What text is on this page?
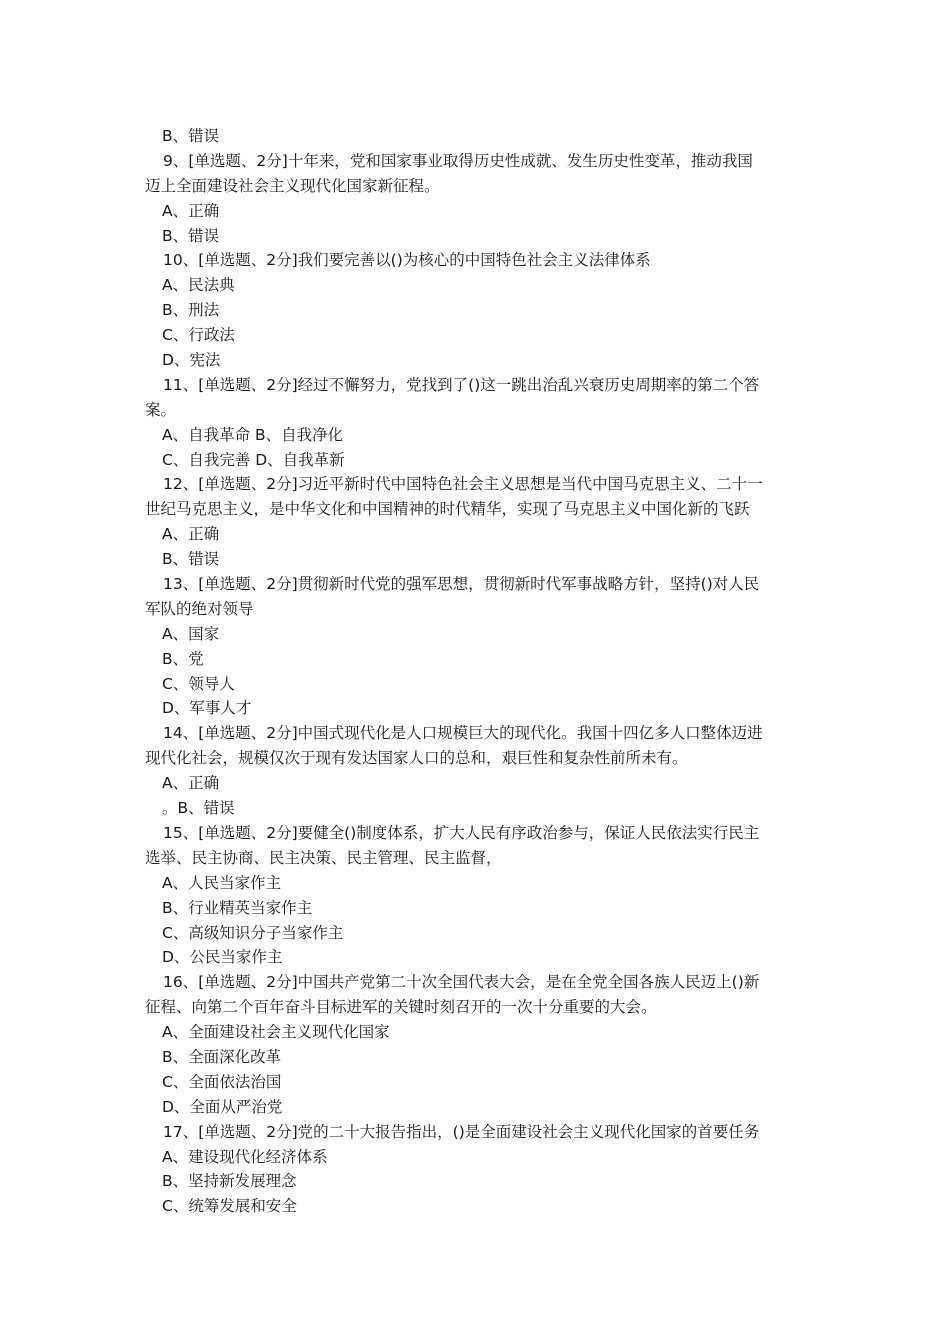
B、错误
9、[单选题、2分]十年来，党和国家事业取得历史性成就、发生历史性变革，推动我国
迈上全面建设社会主义现代化国家新征程。
A、正确
B、错误
10、[单选题、2分]我们要完善以()为核心的中国特色社会主义法律体系
A、民法典
B、刑法
C、行政法
D、宪法
11、[单选题、2分]经过不懈努力，党找到了()这一跳出治乱兴衰历史周期率的第二个答
案。
A、自我革命 B、自我净化
C、自我完善 D、自我革新
12、[单选题、2分]习近平新时代中国特色社会主义思想是当代中国马克思主义、二十一
世纪马克思主义，是中华文化和中国精神的时代精华，实现了马克思主义中国化新的飞跃
A、正确
B、错误
13、[单选题、2分]贯彻新时代党的强军思想，贯彻新时代军事战略方针，坚持()对人民
军队的绝对领导
A、国家
B、党
C、领导人
D、军事人才
14、[单选题、2分]中国式现代化是人口规模巨大的现代化。我国十四亿多人口整体迈进
现代化社会，规模仅次于现有发达国家人口的总和，艰巨性和复杂性前所未有。
A、正确
。B、错误
15、[单选题、2分]要健全()制度体系，扩大人民有序政治参与，保证人民依法实行民主
选举、民主协商、民主决策、民主管理、民主监督，
A、人民当家作主
B、行业精英当家作主
C、高级知识分子当家作主
D、公民当家作主
16、[单选题、2分]中国共产党第二十次全国代表大会，是在全党全国各族人民迈上()新
征程、向第二个百年奋斗目标进军的关键时刻召开的一次十分重要的大会。
A、全面建设社会主义现代化国家
B、全面深化改革
C、全面依法治国
D、全面从严治党
17、[单选题、2分]党的二十大报告指出，()是全面建设社会主义现代化国家的首要任务
A、建设现代化经济体系
B、坚持新发展理念
C、统筹发展和安全
